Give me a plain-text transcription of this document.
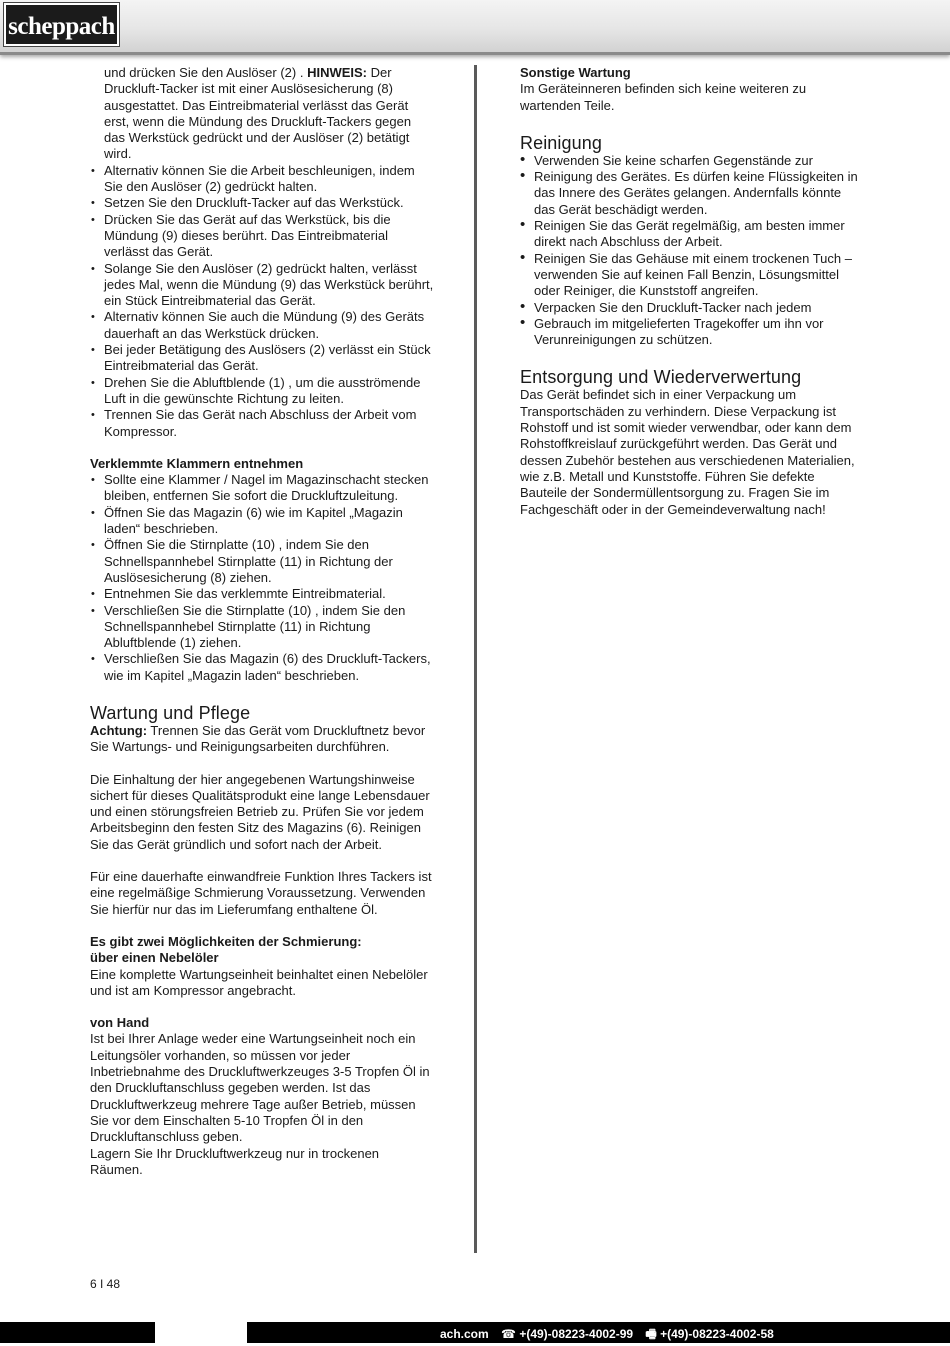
scheppach

und drücken Sie den Auslöser (2) . HINWEIS: Der Druckluft-Tacker ist mit einer Auslösesicherung (8) ausgestattet. Das Eintreibmaterial verlässt das Gerät erst, wenn die Mündung des Druckluft-Tackers gegen das Werkstück gedrückt und der Auslöser (2) betätigt wird.

• Alternativ können Sie die Arbeit beschleunigen, indem Sie den Auslöser (2) gedrückt halten.
• Setzen Sie den Druckluft-Tacker auf das Werkstück.
• Drücken Sie das Gerät auf das Werkstück, bis die Mündung (9) dieses berührt. Das Eintreibmaterial verlässt das Gerät.
• Solange Sie den Auslöser (2) gedrückt halten, verlässt jedes Mal, wenn die Mündung (9) das Werkstück berührt, ein Stück Eintreibmaterial das Gerät.
• Alternativ können Sie auch die Mündung (9) des Geräts dauerhaft an das Werkstück drücken.
• Bei jeder Betätigung des Auslösers (2) verlässt ein Stück Eintreibmaterial das Gerät.
• Drehen Sie die Abluftblende (1) , um die ausströmende Luft in die gewünschte Richtung zu leiten.
• Trennen Sie das Gerät nach Abschluss der Arbeit vom Kompressor.

Verklemmte Klammern entnehmen

• Sollte eine Klammer / Nagel im Magazinschacht stecken bleiben, entfernen Sie sofort die Druckluftzuleitung.
• Öffnen Sie das Magazin (6) wie im Kapitel „Magazin laden“ beschrieben.
• Öffnen Sie die Stirnplatte (10) , indem Sie den Schnellspannhebel Stirnplatte (11) in Richtung der Auslösesicherung (8) ziehen.
• Entnehmen Sie das verklemmte Eintreibmaterial.
• Verschließen Sie die Stirnplatte (10) , indem Sie den Schnellspannhebel Stirnplatte (11) in Richtung Abluftblende (1) ziehen.
• Verschließen Sie das Magazin (6) des Druckluft-Tackers, wie im Kapitel „Magazin laden“ beschrieben.
Wartung und Pflege

Achtung: Trennen Sie das Gerät vom Druckluftnetz bevor Sie Wartungs- und Reinigungsarbeiten durchführen.

Die Einhaltung der hier angegebenen Wartungshinweise sichert für dieses Qualitätsprodukt eine lange Lebensdauer und einen störungsfreien Betrieb zu. Prüfen Sie vor jedem Arbeitsbeginn den festen Sitz des Magazins (6). Reinigen Sie das Gerät gründlich und sofort nach der Arbeit.

Für eine dauerhafte einwandfreie Funktion Ihres Tackers ist eine regelmäßige Schmierung Voraussetzung. Verwenden Sie hierfür nur das im Lieferumfang enthaltene Öl.

Es gibt zwei Möglichkeiten der Schmierung:

über einen Nebelöler

Eine komplette Wartungseinheit beinhaltet einen Nebelöler und ist am Kompressor angebracht.

von Hand

Ist bei Ihrer Anlage weder eine Wartungseinheit noch ein Leitungsöler vorhanden, so müssen vor jeder Inbetriebnahme des Druckluftwerkzeuges 3-5 Tropfen Öl in den Druckluftanschluss gegeben werden. Ist das Druckluftwerkzeug mehrere Tage außer Betrieb, müssen Sie vor dem Einschalten 5-10 Tropfen Öl in den Druckluftanschluss geben.

Lagern Sie Ihr Druckluftwerkzeug nur in trockenen Räumen.

Sonstige Wartung

Im Geräteinneren befinden sich keine weiteren zu wartenden Teile.

Reinigung
• Verwenden Sie keine scharfen Gegenstände zur
• Reinigung des Gerätes. Es dürfen keine Flüssigkeiten in das Innere des Gerätes gelangen. Andernfalls könnte das Gerät beschädigt werden.
• Reinigen Sie das Gerät regelmäßig, am besten immer direkt nach Abschluss der Arbeit.
• Reinigen Sie das Gehäuse mit einem trockenen Tuch – verwenden Sie auf keinen Fall Benzin, Lösungsmittel oder Reiniger, die Kunststoff angreifen.
• Verpacken Sie den Druckluft-Tacker nach jedem
• Gebrauch im mitgelieferten Tragekoffer um ihn vor Verunreinigungen zu schützen.
Entsorgung und Wiederverwertung

Das Gerät befindet sich in einer Verpackung um Transportschäden zu verhindern. Diese Verpackung ist Rohstoff und ist somit wieder verwendbar, oder kann dem Rohstoffkreislauf zurückgeführt werden. Das Gerät und dessen Zubehör bestehen aus verschiedenen Materialien, wie z.B. Metall und Kunststoffe. Führen Sie defekte Bauteile der Sondermüllentsorgung zu. Fragen Sie im Fachgeschäft oder in der Gemeindeverwaltung nach!

6 I 48
ach.com ☎ +(49)-08223-4002-99 🖷 +(49)-08223-4002-58
